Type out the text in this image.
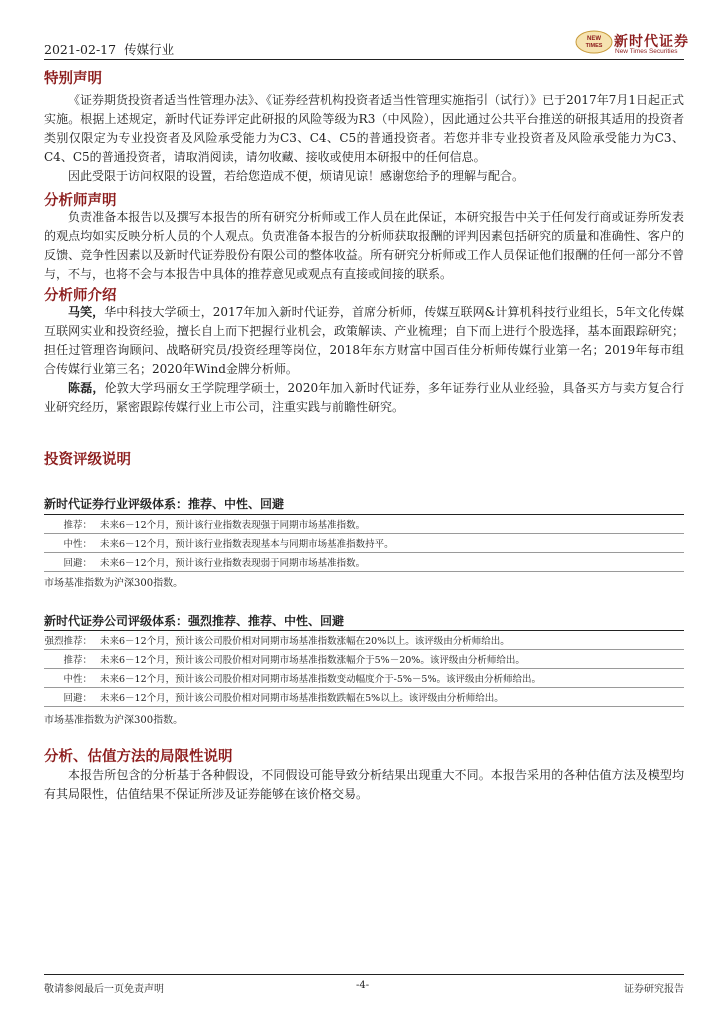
2021-02-17 传媒行业
NEW
TIMES 新时代证券
New Times Securities
特别声明

《证券期货投资者适当性管理办法》、《证券经营机构投资者适当性管理实施指引（试行）》已于2017年7月1日起正式实施。根据上述规定，新时代证券评定此研报的风险等级为R3（中风险），因此通过公共平台推送的研报其适用的投资者类别仅限定为专业投资者及风险承受能力为C3、C4、C5的普通投资者。若您并非专业投资者及风险承受能力为C3、C4、C5的普通投资者，请取消阅读，请勿收藏、接收或使用本研报中的任何信息。

因此受限于访问权限的设置，若给您造成不便，烦请见谅！感谢您给予的理解与配合。

分析师声明

负责准备本报告以及撰写本报告的所有研究分析师或工作人员在此保证，本研究报告中关于任何发行商或证券所发表的观点均如实反映分析人员的个人观点。负责准备本报告的分析师获取报酬的评判因素包括研究的质量和准确性、客户的反馈、竞争性因素以及新时代证券股份有限公司的整体收益。所有研究分析师或工作人员保证他们报酬的任何一部分不曾与，不与，也将不会与本报告中具体的推荐意见或观点有直接或间接的联系。

分析师介绍

马笑，华中科技大学硕士，2017年加入新时代证券，首席分析师，传媒互联网&计算机科技行业组长，5年文化传媒互联网实业和投资经验，擅长自上而下把握行业机会，政策解读、产业梳理；自下而上进行个股选择，基本面跟踪研究；担任过管理咨询顾问、战略研究员/投资经理等岗位，2018年东方财富中国百佳分析师传媒行业第一名；2019年每市组合传媒行业第三名；2020年Wind金牌分析师。

陈磊，伦敦大学玛丽女王学院理学硕士，2020年加入新时代证券，多年证券行业从业经验，具备买方与卖方复合行业研究经历，紧密跟踪传媒行业上市公司，注重实践与前瞻性研究。

投资评级说明
新时代证券行业评级体系：推荐、中性、回避
推荐：	未来6－12个月，预计该行业指数表现强于同期市场基准指数。
中性：	未来6－12个月，预计该行业指数表现基本与同期市场基准指数持平。
回避：	未来6－12个月，预计该行业指数表现弱于同期市场基准指数。
市场基准指数为沪深300指数。
新时代证券公司评级体系：强烈推荐、推荐、中性、回避
强烈推荐：	未来6－12个月，预计该公司股价相对同期市场基准指数涨幅在20%以上。该评级由分析师给出。
推荐：	未来6－12个月，预计该公司股价相对同期市场基准指数涨幅介于5%－20%。该评级由分析师给出。
中性：	未来6－12个月，预计该公司股价相对同期市场基准指数变动幅度介于-5%－5%。该评级由分析师给出。
回避：	未来6－12个月，预计该公司股价相对同期市场基准指数跌幅在5%以上。该评级由分析师给出。
市场基准指数为沪深300指数。
分析、估值方法的局限性说明

本报告所包含的分析基于各种假设，不同假设可能导致分析结果出现重大不同。本报告采用的各种估值方法及模型均有其局限性，估值结果不保证所涉及证券能够在该价格交易。

敬请参阅最后一页免责声明	-4-	证券研究报告
